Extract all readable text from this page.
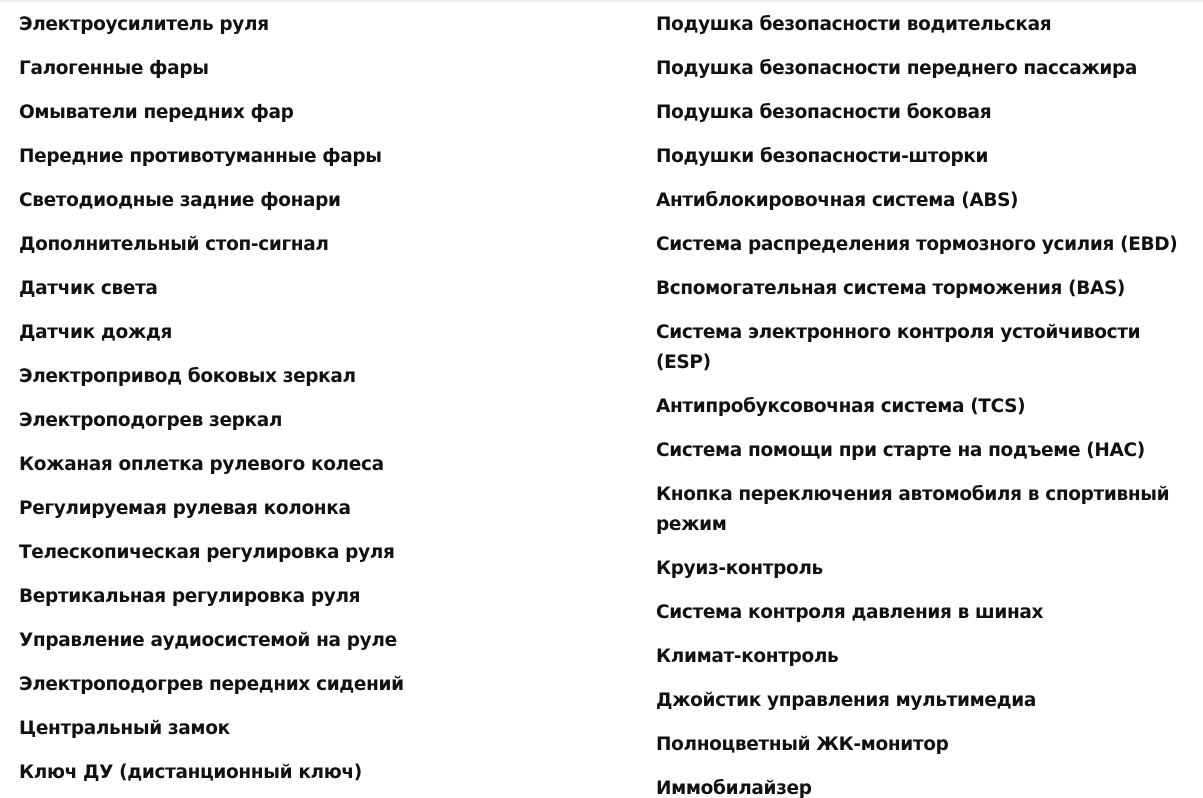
Электроусилитель руля
Галогенные фары
Омыватели передних фар
Передние противотуманные фары
Светодиодные задние фонари
Дополнительный стоп-сигнал
Датчик света
Датчик дождя
Электропривод боковых зеркал
Электроподогрев зеркал
Кожаная оплетка рулевого колеса
Регулируемая рулевая колонка
Телескопическая регулировка руля
Вертикальная регулировка руля
Управление аудиосистемой на руле
Электроподогрев передних сидений
Центральный замок
Ключ ДУ (дистанционный ключ)
Подушка безопасности водительская
Подушка безопасности переднего пассажира
Подушка безопасности боковая
Подушки безопасности-шторки
Антиблокировочная система (ABS)
Система распределения тормозного усилия (EBD)
Вспомогательная система торможения (BAS)
Система электронного контроля устойчивости (ESP)
Антипробуксовочная система (TCS)
Система помощи при старте на подъеме (HAC)
Кнопка переключения автомобиля в спортивный режим
Круиз-контроль
Система контроля давления в шинах
Климат-контроль
Джойстик управления мультимедиа
Полноцветный ЖК-монитор
Иммобилайзер
